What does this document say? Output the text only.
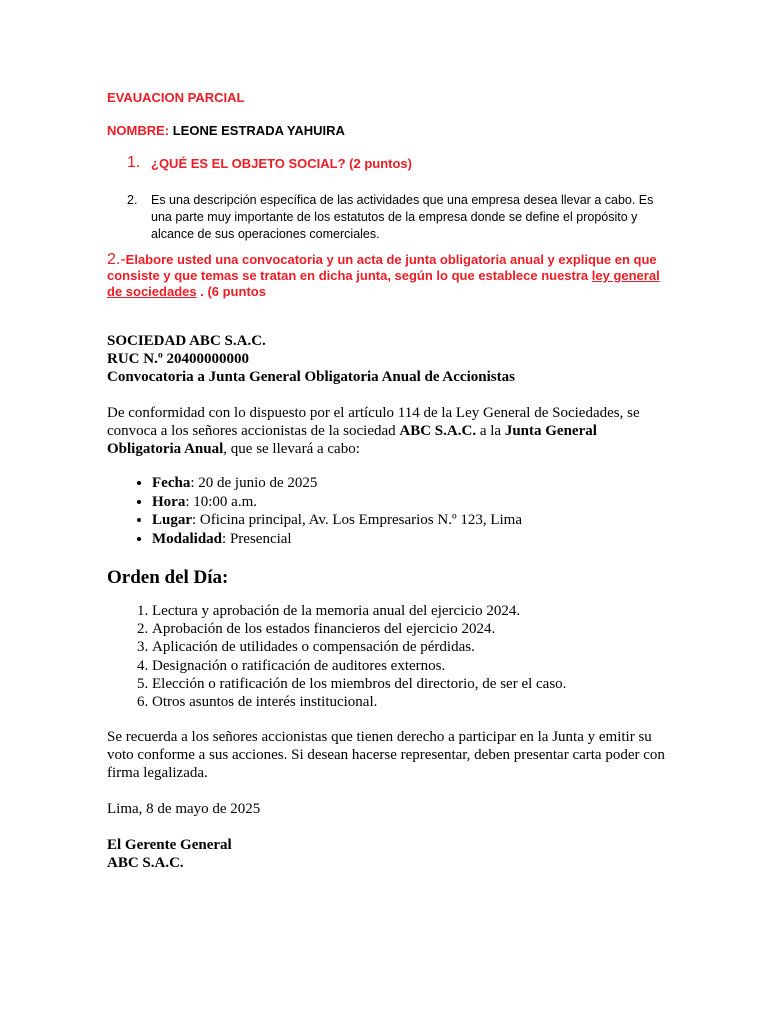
EVAUACION PARCIAL
NOMBRE: LEONE ESTRADA YAHUIRA
1. ¿QUÉ ES EL OBJETO SOCIAL? (2 puntos)
2.	Es una descripción específica de las actividades que una empresa desea llevar a cabo. Es una parte muy importante de los estatutos de la empresa donde se define el propósito y alcance de sus operaciones comerciales.
2.-Elabore usted una convocatoria y un acta de junta obligatoria anual y explique en que consiste y que temas se tratan en dicha junta, según lo que establece nuestra ley general de sociedades . (6 puntos
SOCIEDAD ABC S.A.C.
RUC N.º 20400000000
Convocatoria a Junta General Obligatoria Anual de Accionistas
De conformidad con lo dispuesto por el artículo 114 de la Ley General de Sociedades, se convoca a los señores accionistas de la sociedad ABC S.A.C. a la Junta General Obligatoria Anual, que se llevará a cabo:
• Fecha: 20 de junio de 2025
• Hora: 10:00 a.m.
• Lugar: Oficina principal, Av. Los Empresarios N.º 123, Lima
• Modalidad: Presencial
Orden del Día:
1. Lectura y aprobación de la memoria anual del ejercicio 2024.
2. Aprobación de los estados financieros del ejercicio 2024.
3. Aplicación de utilidades o compensación de pérdidas.
4. Designación o ratificación de auditores externos.
5. Elección o ratificación de los miembros del directorio, de ser el caso.
6. Otros asuntos de interés institucional.
Se recuerda a los señores accionistas que tienen derecho a participar en la Junta y emitir su voto conforme a sus acciones. Si desean hacerse representar, deben presentar carta poder con firma legalizada.
Lima, 8 de mayo de 2025
El Gerente General
ABC S.A.C.
